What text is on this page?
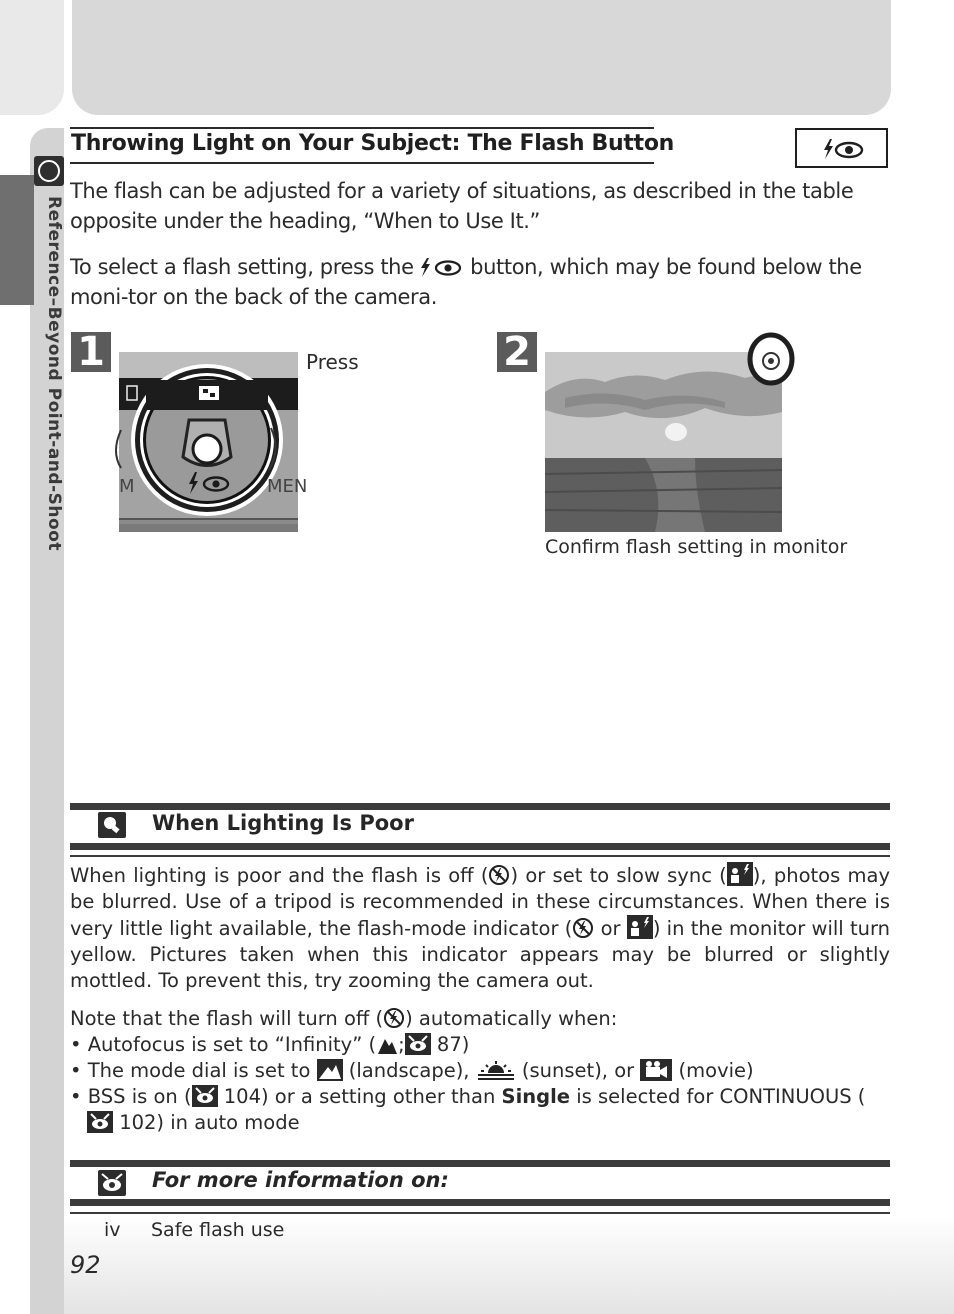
Reference–Beyond Point-and-Shoot
Throwing Light on Your Subject: The Flash Button
The flash can be adjusted for a variety of situations, as described in the table opposite under the heading, “When to Use It.”
To select a flash setting, press the  button, which may be found below the moni-tor on the back of the camera.
1
M	MEN
Press	2
Confirm flash setting in monitor
When Lighting Is Poor

When lighting is poor and the flash is off ( ) or set to slow sync ( ), photos may be blurred. Use of a tripod is recommended in these circumstances. When there is very little light available, the flash-mode indicator ( or ) in the monitor will turn yellow. Pictures taken when this indicator appears may be blurred or slightly mottled. To prevent this, try zooming the camera out.

Note that the flash will turn off ( ) automatically when:

• Autofocus is set to “Infinity” ( ; 87)
• The mode dial is set to  (landscape),  (sunset), or  (movie)
• BSS is on ( 104) or a setting other than Single is selected for CONTINUOUS ( 102) in auto mode
For more information on:
iv Safe flash use
92
